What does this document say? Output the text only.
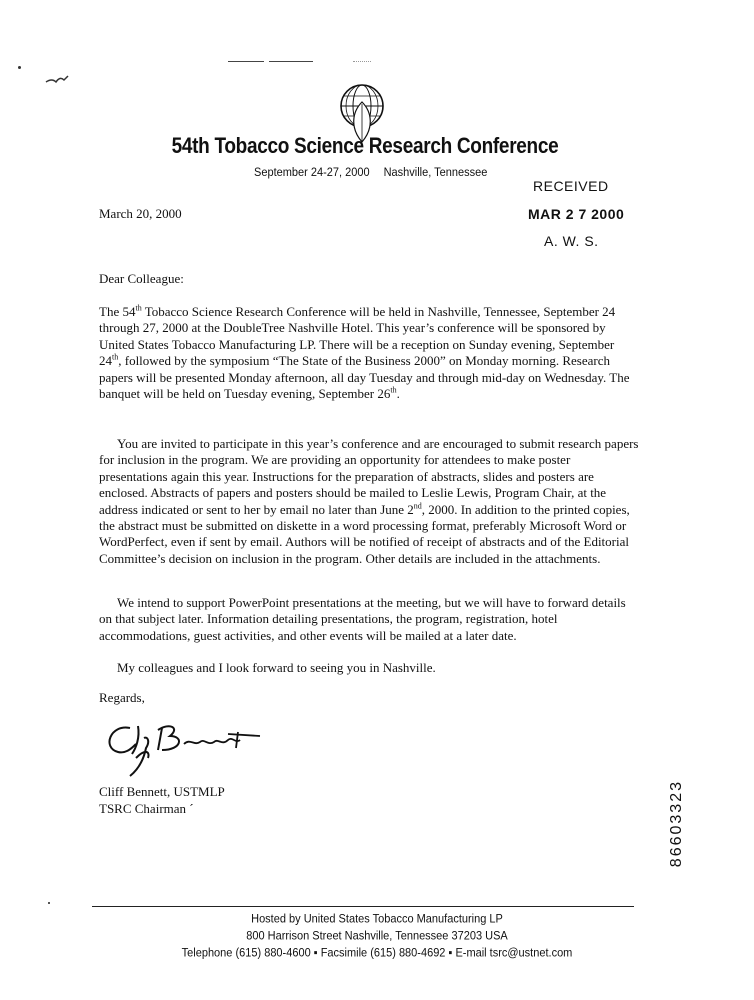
54th Tobacco Science Research Conference
September 24-27, 2000 Nashville, Tennessee
RECEIVED
MAR 2 7 2000
A. W. S.
March 20, 2000
Dear Colleague:

The 54th Tobacco Science Research Conference will be held in Nashville, Tennessee, September 24 through 27, 2000 at the DoubleTree Nashville Hotel. This year’s conference will be sponsored by United States Tobacco Manufacturing LP. There will be a reception on Sunday evening, September 24th, followed by the symposium “The State of the Business 2000” on Monday morning. Research papers will be presented Monday afternoon, all day Tuesday and through mid-day on Wednesday. The banquet will be held on Tuesday evening, September 26th.

You are invited to participate in this year’s conference and are encouraged to submit research papers for inclusion in the program. We are providing an opportunity for attendees to make poster presentations again this year. Instructions for the preparation of abstracts, slides and posters are enclosed. Abstracts of papers and posters should be mailed to Leslie Lewis, Program Chair, at the address indicated or sent to her by email no later than June 2nd, 2000. In addition to the printed copies, the abstract must be submitted on diskette in a word processing format, preferably Microsoft Word or WordPerfect, even if sent by email. Authors will be notified of receipt of abstracts and of the Editorial Committee’s decision on inclusion in the program. Other details are included in the attachments.

We intend to support PowerPoint presentations at the meeting, but we will have to forward details on that subject later. Information detailing presentations, the program, registration, hotel accommodations, guest activities, and other events will be mailed at a later date.

My colleagues and I look forward to seeing you in Nashville.

Regards,
Cliff Bennett, USTMLP
TSRC Chairman ´	86603323
Hosted by United States Tobacco Manufacturing LP
800 Harrison Street Nashville, Tennessee 37203 USA
Telephone (615) 880-4600 ▪ Facsimile (615) 880-4692 ▪ E-mail tsrc@ustnet.com
